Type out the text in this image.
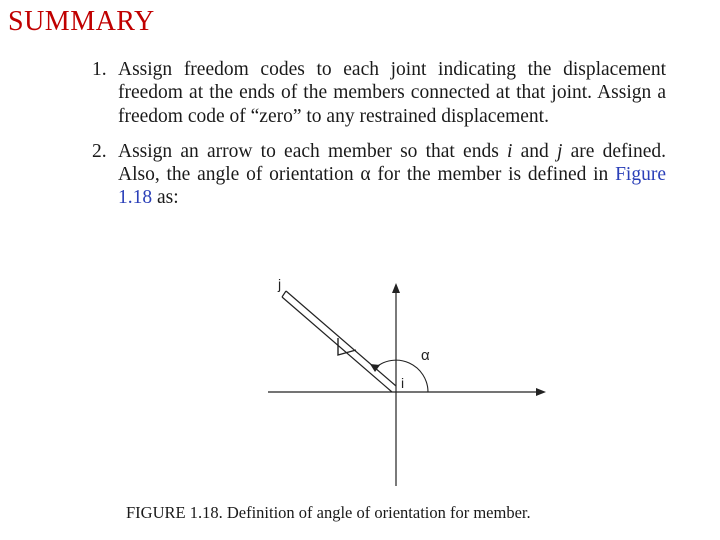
SUMMARY
1. Assign freedom codes to each joint indicating the displacement freedom at the ends of the members connected at that joint. Assign a freedom code of “zero” to any restrained displacement.
2. Assign an arrow to each member so that ends i and j are defined. Also, the angle of orientation α for the member is defined in Figure 1.18 as:
j
i
α
FIGURE 1.18. Definition of angle of orientation for member.
